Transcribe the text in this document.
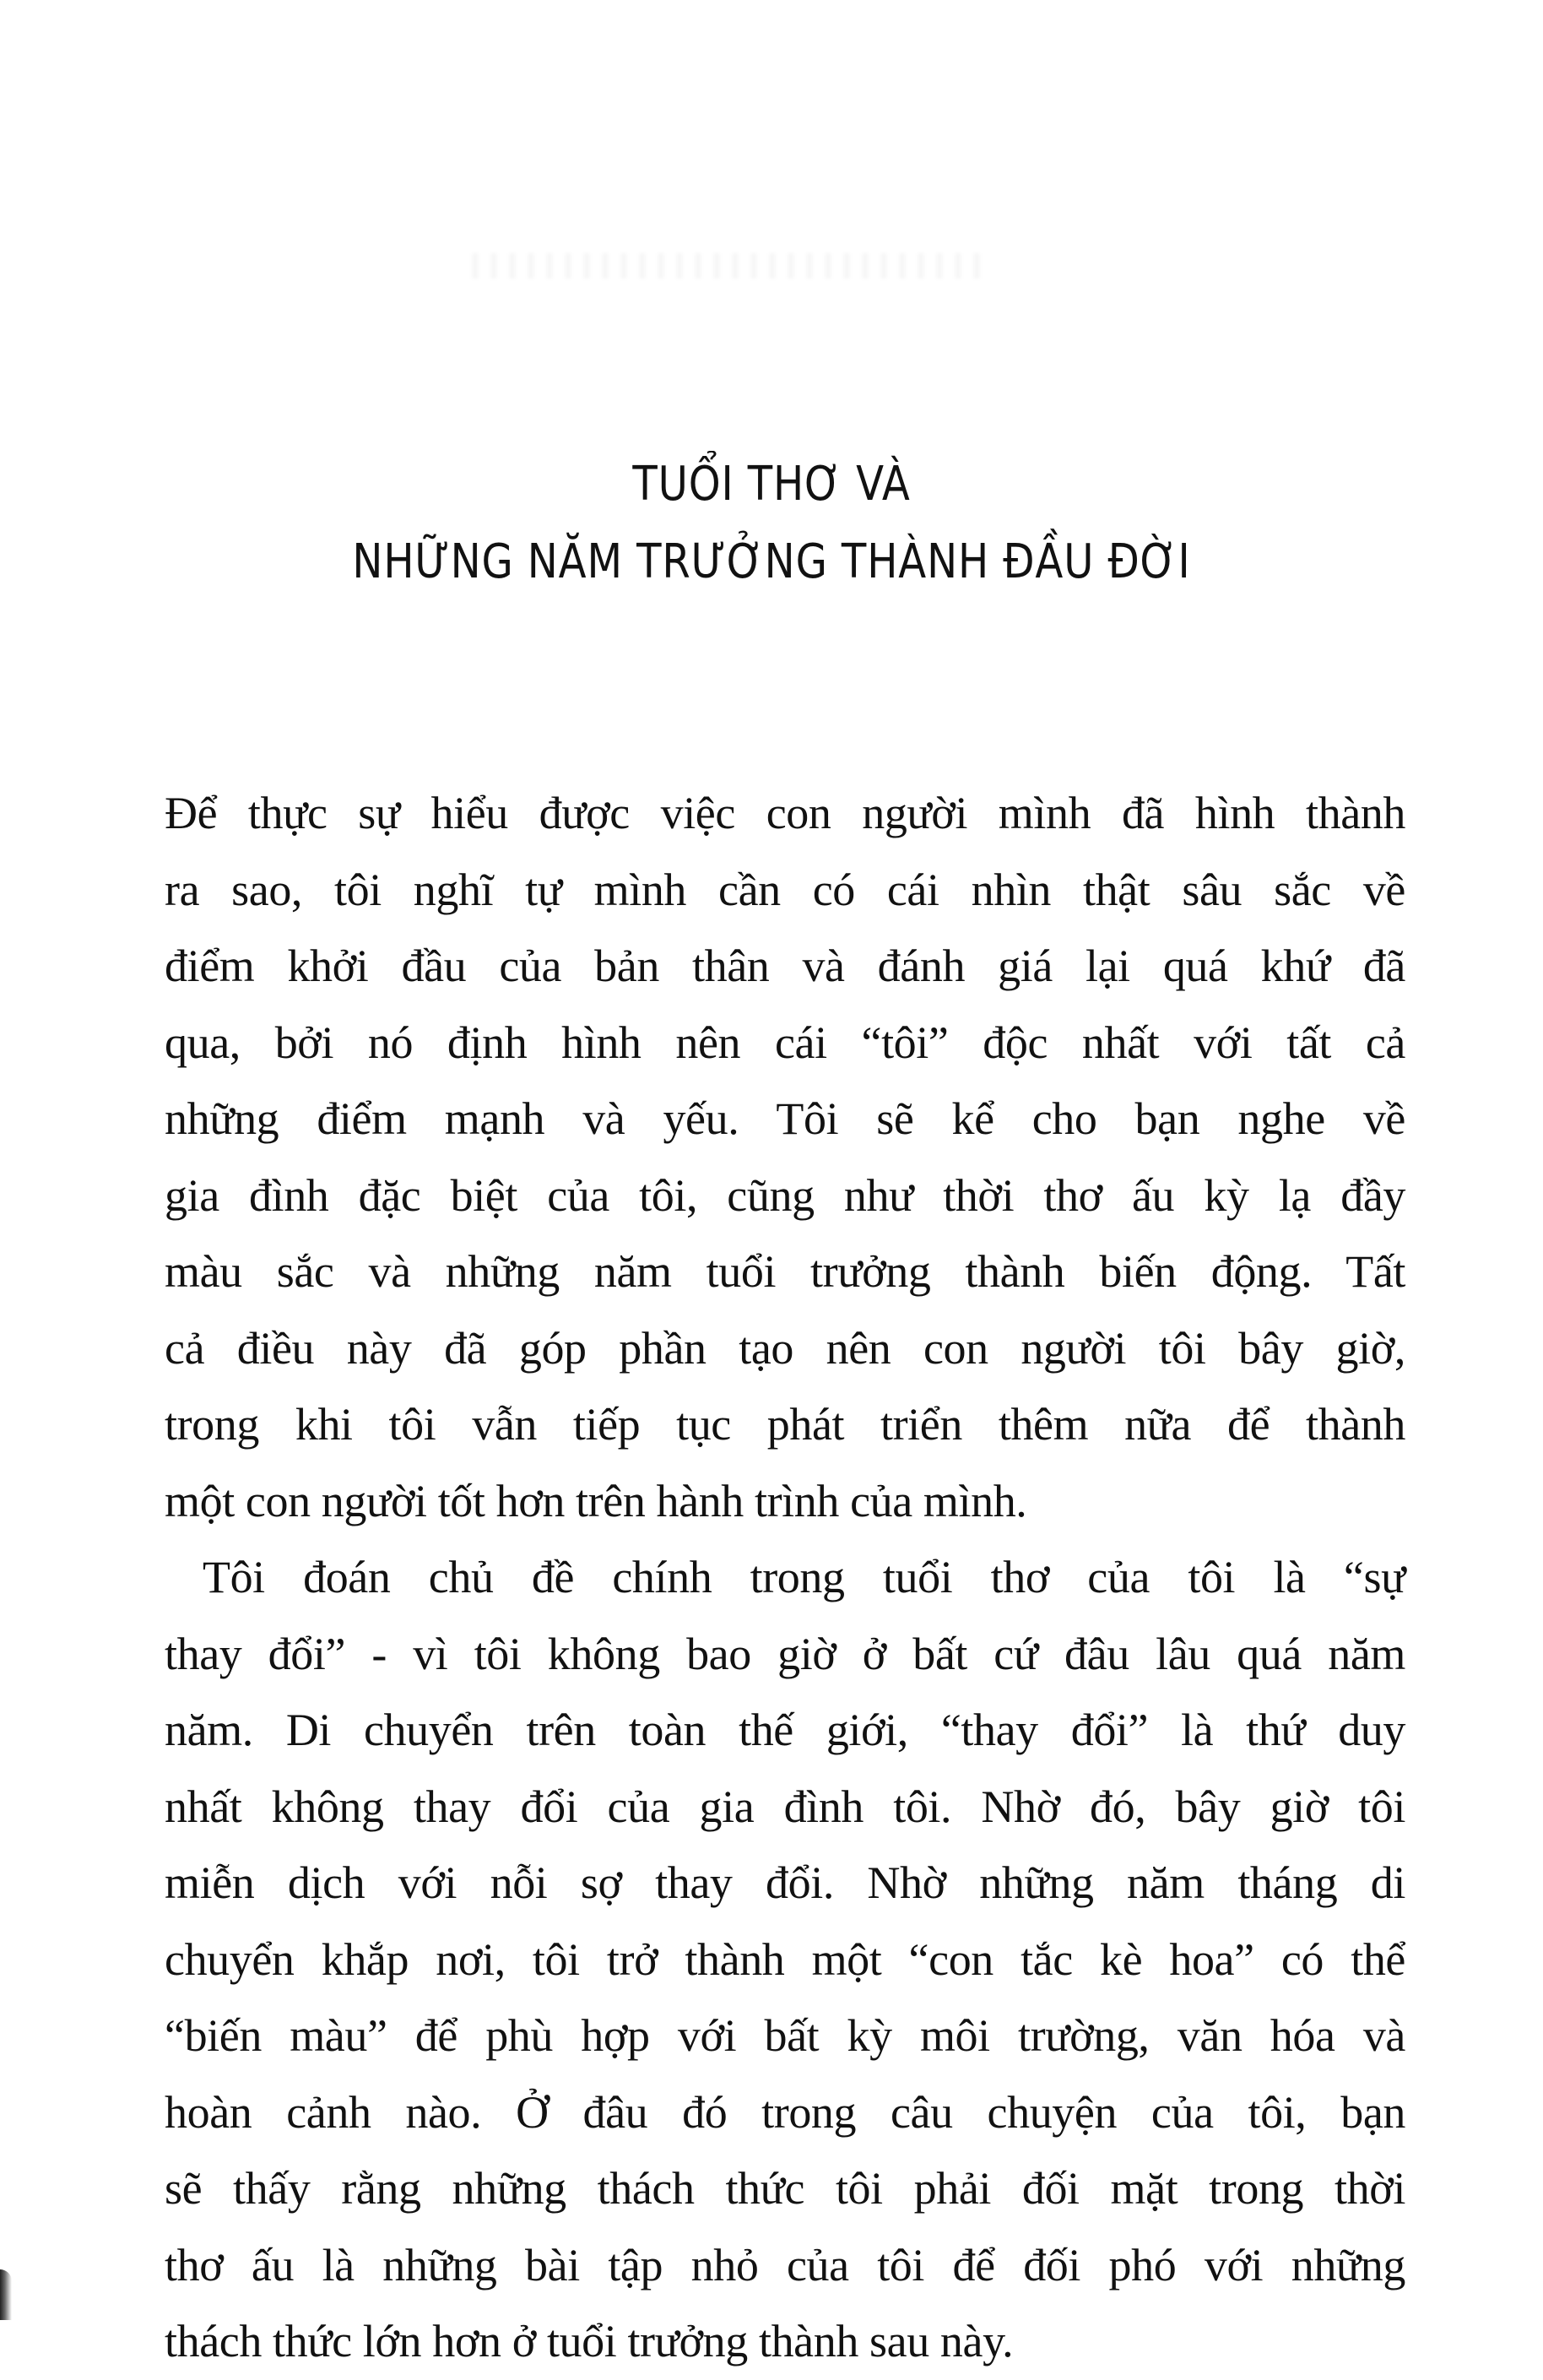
TUỔI THƠ VÀ
NHỮNG NĂM TRƯỞNG THÀNH ĐẦU ĐỜI
Để thực sự hiểu được việc con người mình đã hình thành
ra sao, tôi nghĩ tự mình cần có cái nhìn thật sâu sắc về
điểm khởi đầu của bản thân và đánh giá lại quá khứ đã
qua, bởi nó định hình nên cái “tôi” độc nhất với tất cả
những điểm mạnh và yếu. Tôi sẽ kể cho bạn nghe về
gia đình đặc biệt của tôi, cũng như thời thơ ấu kỳ lạ đầy
màu sắc và những năm tuổi trưởng thành biến động. Tất
cả điều này đã góp phần tạo nên con người tôi bây giờ,
trong khi tôi vẫn tiếp tục phát triển thêm nữa để thành
một con người tốt hơn trên hành trình của mình.
Tôi đoán chủ đề chính trong tuổi thơ của tôi là “sự
thay đổi” - vì tôi không bao giờ ở bất cứ đâu lâu quá năm
năm. Di chuyển trên toàn thế giới, “thay đổi” là thứ duy
nhất không thay đổi của gia đình tôi. Nhờ đó, bây giờ tôi
miễn dịch với nỗi sợ thay đổi. Nhờ những năm tháng di
chuyển khắp nơi, tôi trở thành một “con tắc kè hoa” có thể
“biến màu” để phù hợp với bất kỳ môi trường, văn hóa và
hoàn cảnh nào. Ở đâu đó trong câu chuyện của tôi, bạn
sẽ thấy rằng những thách thức tôi phải đối mặt trong thời
thơ ấu là những bài tập nhỏ của tôi để đối phó với những
thách thức lớn hơn ở tuổi trưởng thành sau này.
